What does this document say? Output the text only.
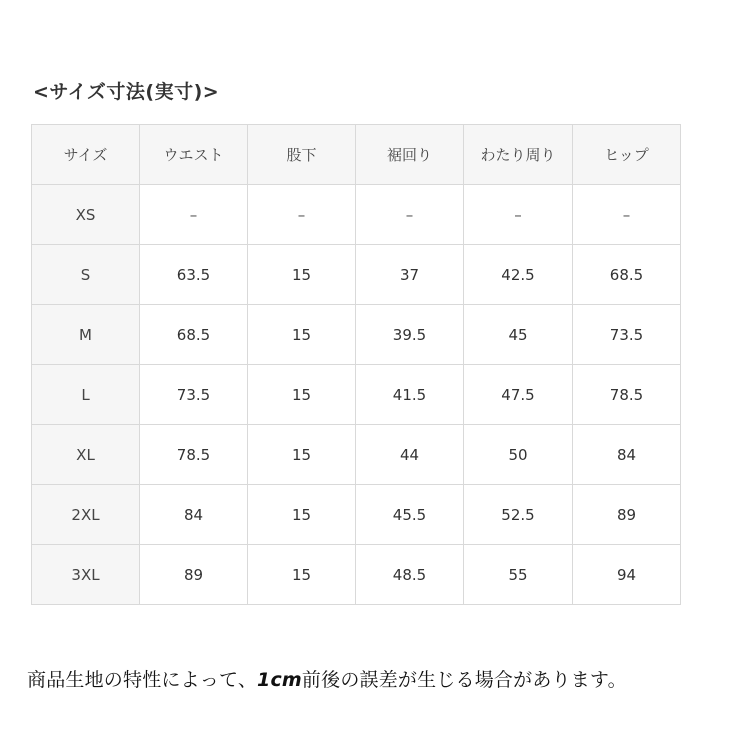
<サイズ寸法(実寸)>
サイズ	ウエスト	股下	裾回り	わたり周り	ヒップ
XS	–	–	–	–	–
S	63.5	15	37	42.5	68.5
M	68.5	15	39.5	45	73.5
L	73.5	15	41.5	47.5	78.5
XL	78.5	15	44	50	84
2XL	84	15	45.5	52.5	89
3XL	89	15	48.5	55	94
商品生地の特性によって、1cm前後の誤差が生じる場合があります。
